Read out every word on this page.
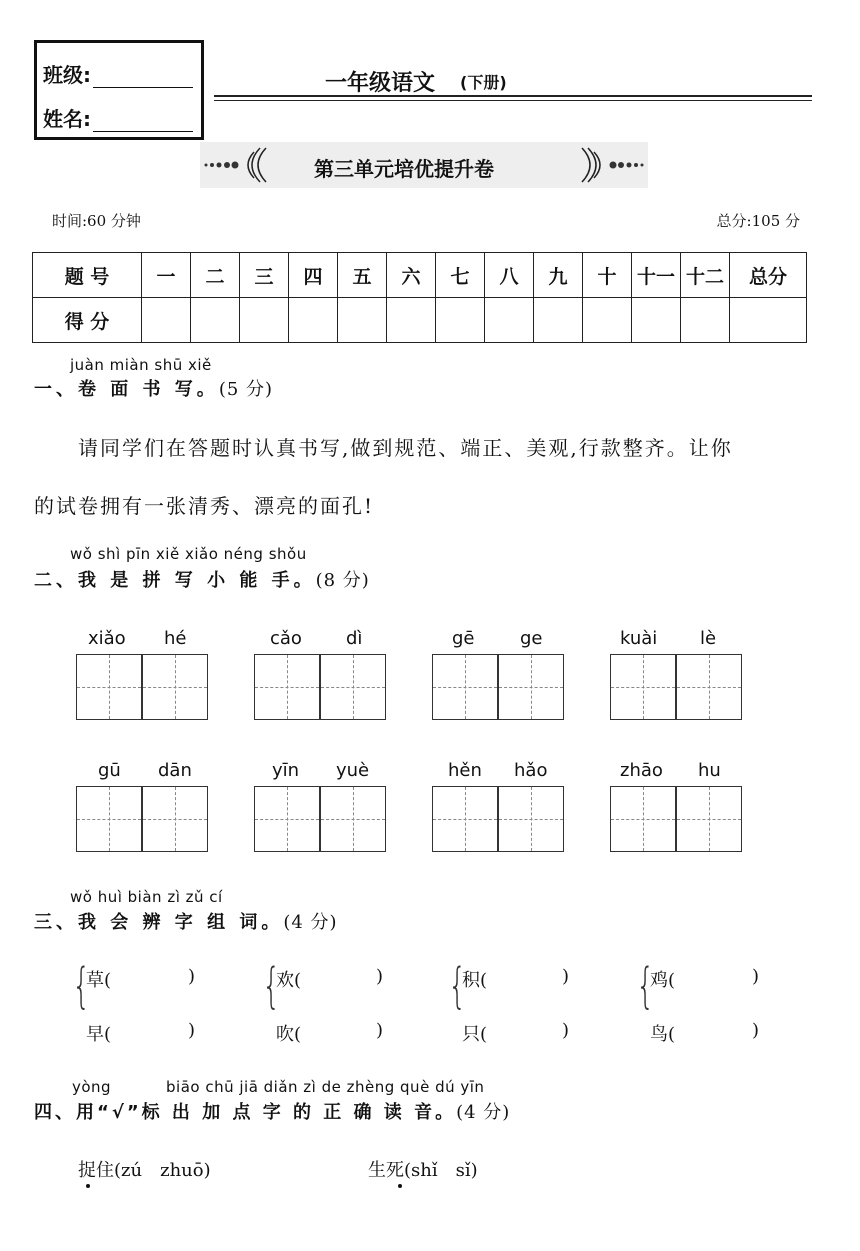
班级:
姓名:
一年级语文 (下册)
第三单元培优提升卷
时间:60 分钟	总分:105 分
题 号	一	二	三	四	五	六	七	八	九	十	十一	十二	总分
得 分													
juàn miàn shū xiě
一、卷 面 书 写。(5 分)
请同学们在答题时认真书写,做到规范、端正、美观,行款整齐。让你
的试卷拥有一张清秀、漂亮的面孔!
wǒ shì pīn xiě xiǎo néng shǒu
二、我 是 拼 写 小 能 手。(8 分)
xiǎo hé	cǎo dì	gē	ge	kuài lè
gū dān	yīn yuè	hěn hǎo	zhāo hu
wǒ huì biàn zì zǔ cí
三、我 会 辨 字 组 词。(4 分)
{
草(	)
早(	)
{
欢(	)
吹(	)
{
积(	)
只(	)
{
鸡(	)
鸟(	)
yòng	biāo chū jiā diǎn zì de zhèng què dú yīn
四、用“√”标 出 加 点 字 的 正 确 读 音。(4 分)
捉住(zú　zhuō)	生死(shǐ　sǐ)
